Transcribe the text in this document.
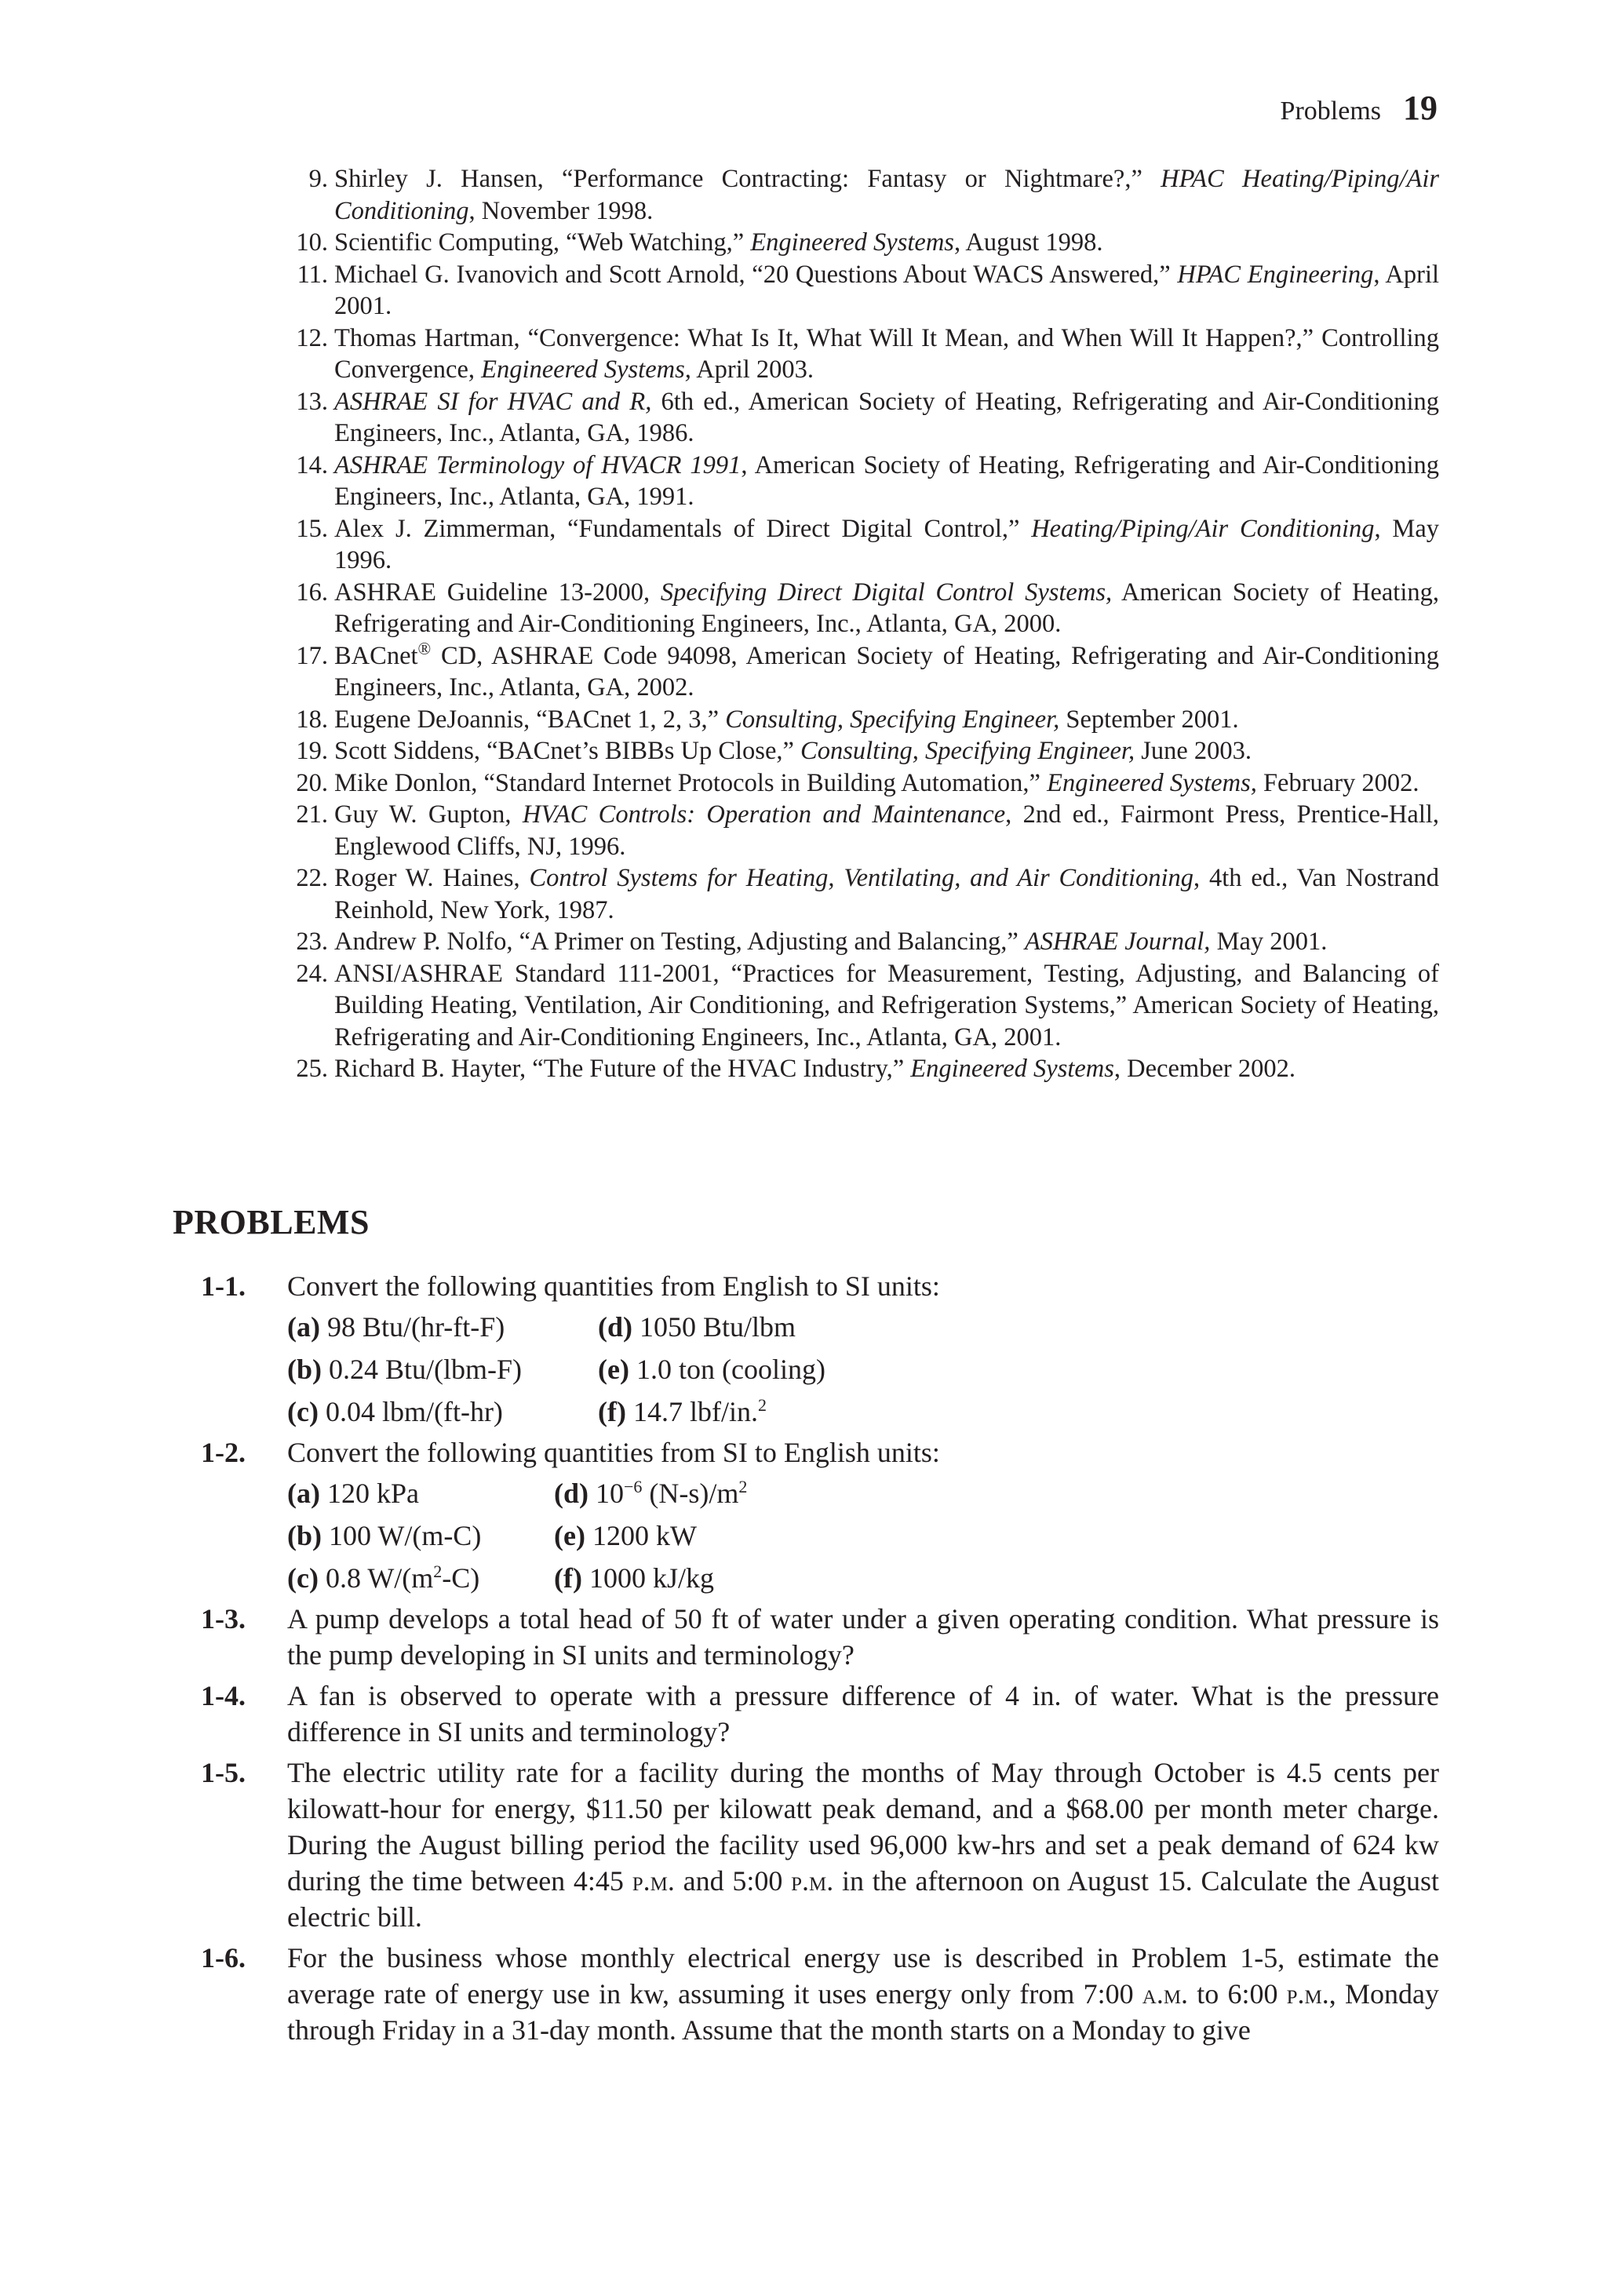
Problems 19
9. Shirley J. Hansen, “Performance Contracting: Fantasy or Nightmare?,” HPAC Heating/Piping/Air Conditioning, November 1998.
10. Scientific Computing, “Web Watching,” Engineered Systems, August 1998.
11. Michael G. Ivanovich and Scott Arnold, “20 Questions About WACS Answered,” HPAC Engineering, April 2001.
12. Thomas Hartman, “Convergence: What Is It, What Will It Mean, and When Will It Happen?,” Controlling Convergence, Engineered Systems, April 2003.
13. ASHRAE SI for HVAC and R, 6th ed., American Society of Heating, Refrigerating and Air-Conditioning Engineers, Inc., Atlanta, GA, 1986.
14. ASHRAE Terminology of HVACR 1991, American Society of Heating, Refrigerating and Air-Conditioning Engineers, Inc., Atlanta, GA, 1991.
15. Alex J. Zimmerman, “Fundamentals of Direct Digital Control,” Heating/Piping/Air Conditioning, May 1996.
16. ASHRAE Guideline 13-2000, Specifying Direct Digital Control Systems, American Society of Heating, Refrigerating and Air-Conditioning Engineers, Inc., Atlanta, GA, 2000.
17. BACnet® CD, ASHRAE Code 94098, American Society of Heating, Refrigerating and Air-Conditioning Engineers, Inc., Atlanta, GA, 2002.
18. Eugene DeJoannis, “BACnet 1, 2, 3,” Consulting, Specifying Engineer, September 2001.
19. Scott Siddens, “BACnet’s BIBBs Up Close,” Consulting, Specifying Engineer, June 2003.
20. Mike Donlon, “Standard Internet Protocols in Building Automation,” Engineered Systems, February 2002.
21. Guy W. Gupton, HVAC Controls: Operation and Maintenance, 2nd ed., Fairmont Press, Prentice-Hall, Englewood Cliffs, NJ, 1996.
22. Roger W. Haines, Control Systems for Heating, Ventilating, and Air Conditioning, 4th ed., Van Nostrand Reinhold, New York, 1987.
23. Andrew P. Nolfo, “A Primer on Testing, Adjusting and Balancing,” ASHRAE Journal, May 2001.
24. ANSI/ASHRAE Standard 111-2001, “Practices for Measurement, Testing, Adjusting, and Balancing of Building Heating, Ventilation, Air Conditioning, and Refrigeration Systems,” American Society of Heating, Refrigerating and Air-Conditioning Engineers, Inc., Atlanta, GA, 2001.
25. Richard B. Hayter, “The Future of the HVAC Industry,” Engineered Systems, December 2002.
PROBLEMS
1-1. Convert the following quantities from English to SI units:
(a) 98 Btu/(hr-ft-F)	(d) 1050 Btu/lbm
(b) 0.24 Btu/(lbm-F)	(e) 1.0 ton (cooling)
(c) 0.04 lbm/(ft-hr)	(f) 14.7 lbf/in.$^2$
1-2. Convert the following quantities from SI to English units:
(a) 120 kPa	(d) $10^{-6}$ $(N-s)/m^2$
(b) 100 W/(m-C)	(e) 1200 kW
(c) 0.8 $W/(m^2-C)$	(f) 1000 kJ/kg
1-3. A pump develops a total head of 50 ft of water under a given operating condition. What pressure is the pump developing in SI units and terminology?
1-4. A fan is observed to operate with a pressure difference of 4 in. of water. What is the pressure difference in SI units and terminology?
1-5. The electric utility rate for a facility during the months of May through October is 4.5 cents per kilowatt-hour for energy, $11.50 per kilowatt peak demand, and a $68.00 per month meter charge. During the August billing period the facility used 96,000 kw-hrs and set a peak demand of 624 kw during the time between 4:45 p.m. and 5:00 p.m. in the afternoon on August 15. Calculate the August electric bill.
1-6. For the business whose monthly electrical energy use is described in Problem 1-5, estimate the average rate of energy use in kw, assuming it uses energy only from 7:00 a.m. to 6:00 p.m., Monday through Friday in a 31-day month. Assume that the month starts on a Monday to give
